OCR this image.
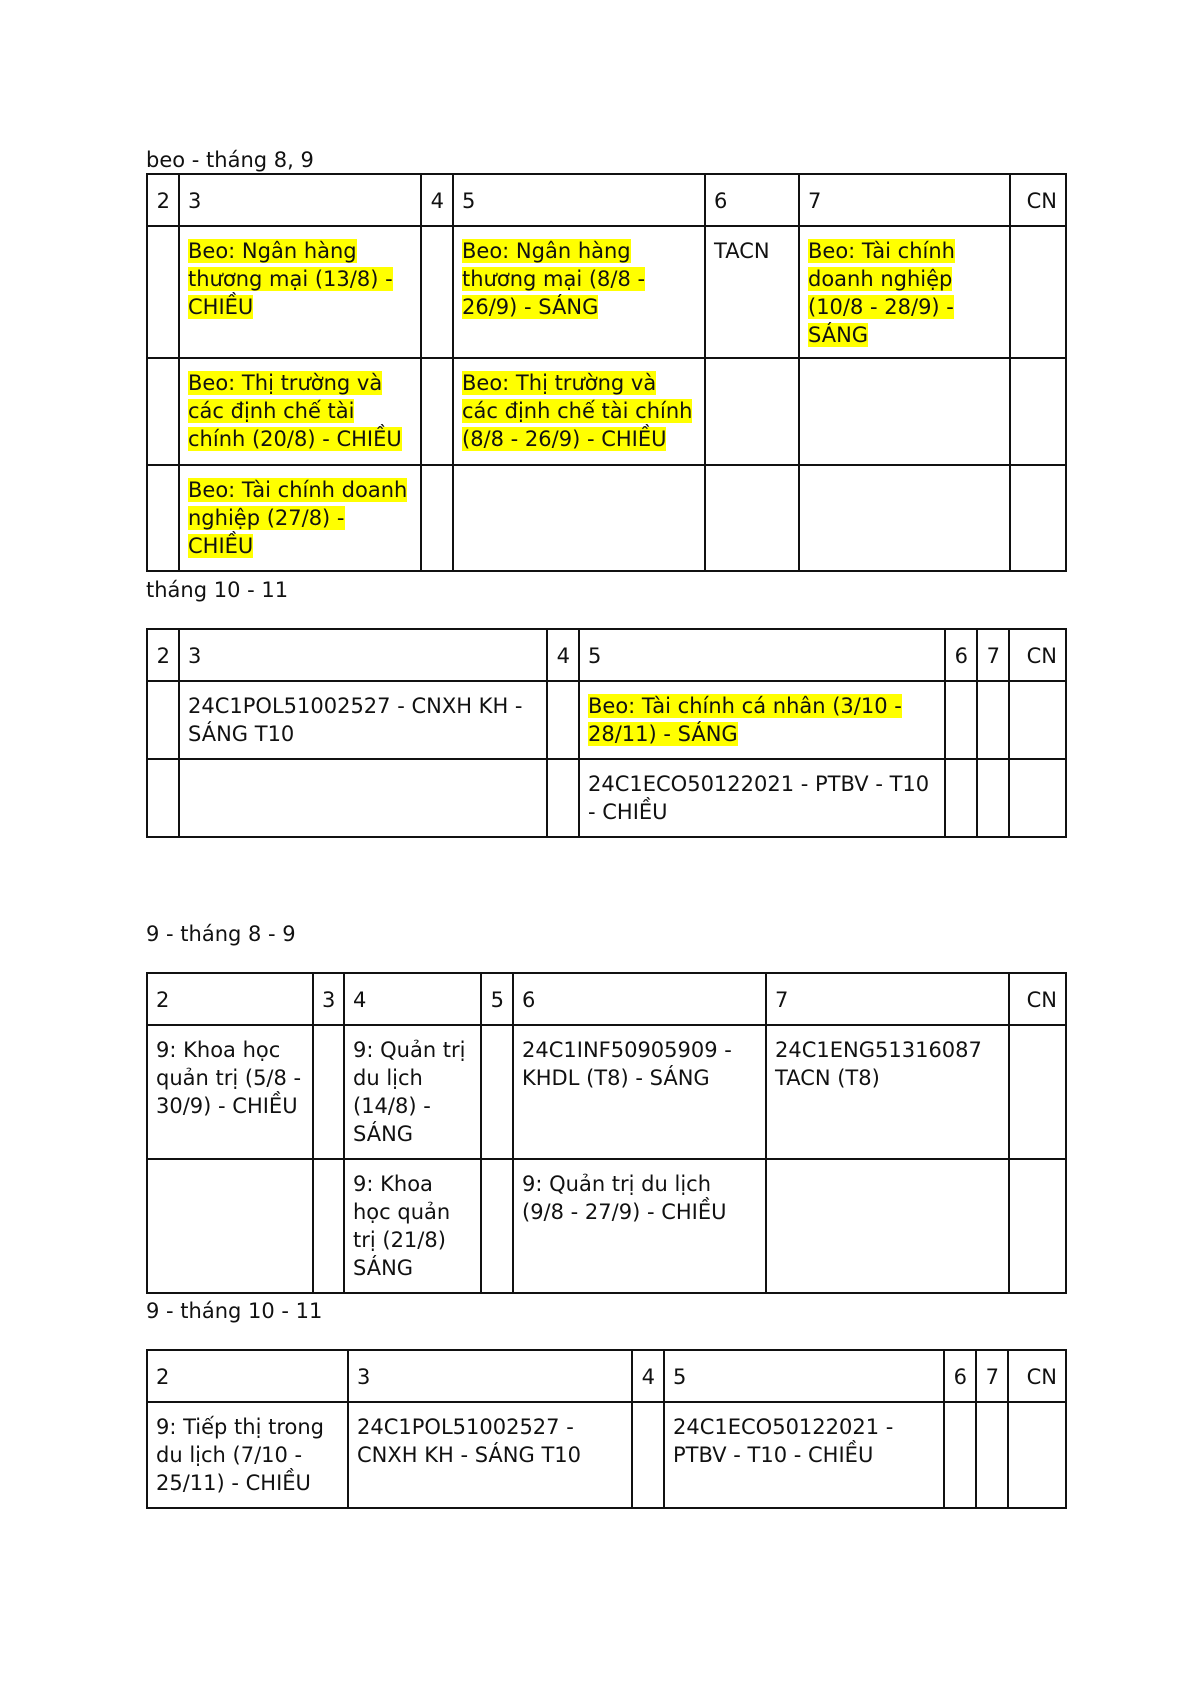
beo - tháng 8, 9
2	3	4	5	6	7	CN
	Beo: Ngân hàng thương mại (13/8) - CHIỀU		Beo: Ngân hàng thương mại (8/8 - 26/9) - SÁNG	TACN	Beo: Tài chính doanh nghiệp (10/8 - 28/9) - SÁNG	
	Beo: Thị trường và các định chế tài chính (20/8) - CHIỀU		Beo: Thị trường và các định chế tài chính (8/8 - 26/9) - CHIỀU			
	Beo: Tài chính doanh nghiệp (27/8) - CHIỀU					
tháng 10 - 11
2	3	4	5	6	7	CN
	24C1POL51002527 - CNXH KH - SÁNG T10		Beo: Tài chính cá nhân (3/10 - 28/11) - SÁNG			
			24C1ECO50122021 - PTBV - T10 - CHIỀU			
9 - tháng 8 - 9
2	3	4	5	6	7	CN
9: Khoa học quản trị (5/8 - 30/9) - CHIỀU		9: Quản trị du lịch (14/8) - SÁNG		24C1INF50905909 - KHDL (T8) - SÁNG	24C1ENG51316087 TACN (T8)	
		9: Khoa học quản trị (21/8) SÁNG		9: Quản trị du lịch (9/8 - 27/9) - CHIỀU		
9 - tháng 10 - 11
2	3	4	5	6	7	CN
9: Tiếp thị trong du lịch (7/10 - 25/11) - CHIỀU	24C1POL51002527 - CNXH KH - SÁNG T10		24C1ECO50122021 - PTBV - T10 - CHIỀU			
